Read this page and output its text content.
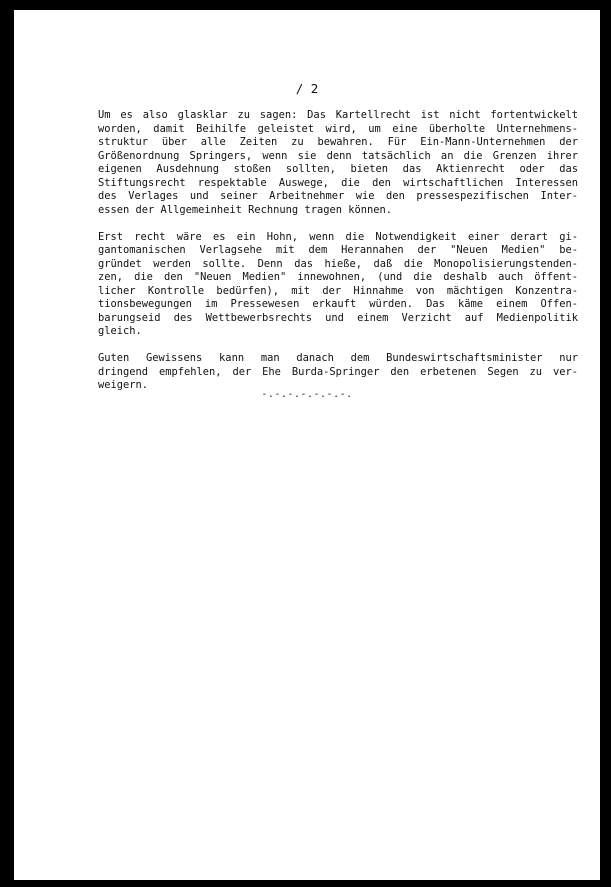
/ 2
Um es also glasklar zu sagen: Das Kartellrecht ist nicht fortentwickelt
worden, damit Beihilfe geleistet wird, um eine überholte Unternehmens-
struktur über alle Zeiten zu bewahren. Für Ein-Mann-Unternehmen der
Größenordnung Springers, wenn sie denn tatsächlich an die Grenzen ihrer
eigenen Ausdehnung stoßen sollten, bieten das Aktienrecht oder das
Stiftungsrecht respektable Auswege, die den wirtschaftlichen Interessen
des Verlages und seiner Arbeitnehmer wie den pressespezifischen Inter-
essen der Allgemeinheit Rechnung tragen können.
Erst recht wäre es ein Hohn, wenn die Notwendigkeit einer derart gi-
gantomanischen Verlagsehe mit dem Herannahen der "Neuen Medien" be-
gründet werden sollte. Denn das hieße, daß die Monopolisierungstenden-
zen, die den "Neuen Medien" innewohnen, (und die deshalb auch öffent-
licher Kontrolle bedürfen), mit der Hinnahme von mächtigen Konzentra-
tionsbewegungen im Pressewesen erkauft würden. Das käme einem Offen-
barungseid des Wettbewerbsrechts und einem Verzicht auf Medienpolitik
gleich.
Guten Gewissens kann man danach dem Bundeswirtschaftsminister nur
dringend empfehlen, der Ehe Burda-Springer den erbetenen Segen zu ver-
weigern.
-.-.-.-.-.-.-.
